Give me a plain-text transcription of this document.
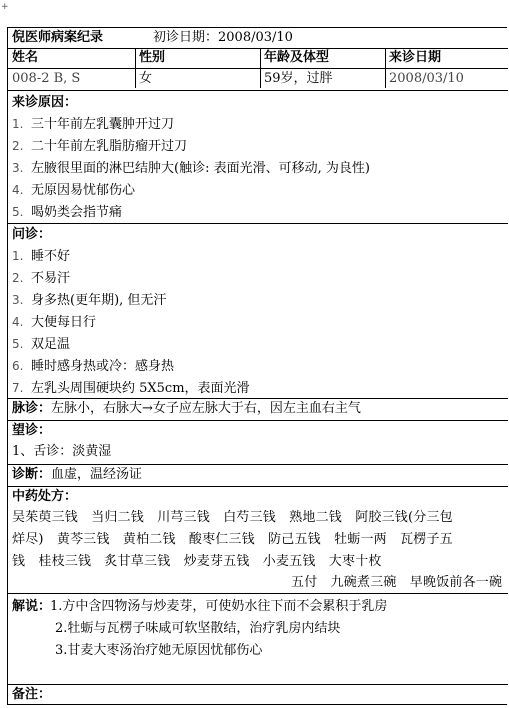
+
倪医师病案纪录	初诊日期：2008/03/10
姓名	性别	年龄及体型	来诊日期
008-2 B, S	女	59岁，过胖	2008/03/10
来诊原因：
1. 三十年前左乳囊肿开过刀
2. 二十年前左乳脂肪瘤开过刀
3. 左腋很里面的淋巴结肿大(触诊: 表面光滑、可移动, 为良性)
4. 无原因易忧郁伤心
5. 喝奶类会指节痛
问诊：
1. 睡不好
2. 不易汗
3. 身多热(更年期), 但无汗
4. 大便每日行
5. 双足温
6. 睡时感身热或冷：感身热
7. 左乳头周围硬块约 5X5cm，表面光滑
脉诊：左脉小，右脉大→女子应左脉大于右，因左主血右主气
望诊：
1、舌诊：淡黄湿
诊断：血虚，温经汤证
中药处方：
吴茱萸三钱　当归二钱　川芎三钱　白芍三钱　熟地二钱　阿胶三钱(分三包
烊尽)　黄芩三钱　黄柏二钱　酸枣仁三钱　防己五钱　牡蛎一两　瓦楞子五
钱　桂枝三钱　炙甘草三钱　炒麦芽五钱　小麦五钱　大枣十枚
五付　九碗煮三碗　早晚饭前各一碗
解说：
1.方中含四物汤与炒麦芽，可使奶水往下而不会累积于乳房
2.牡蛎与瓦楞子味咸可软坚散结，治疗乳房内结块
3.甘麦大枣汤治疗她无原因忧郁伤心
备注：
